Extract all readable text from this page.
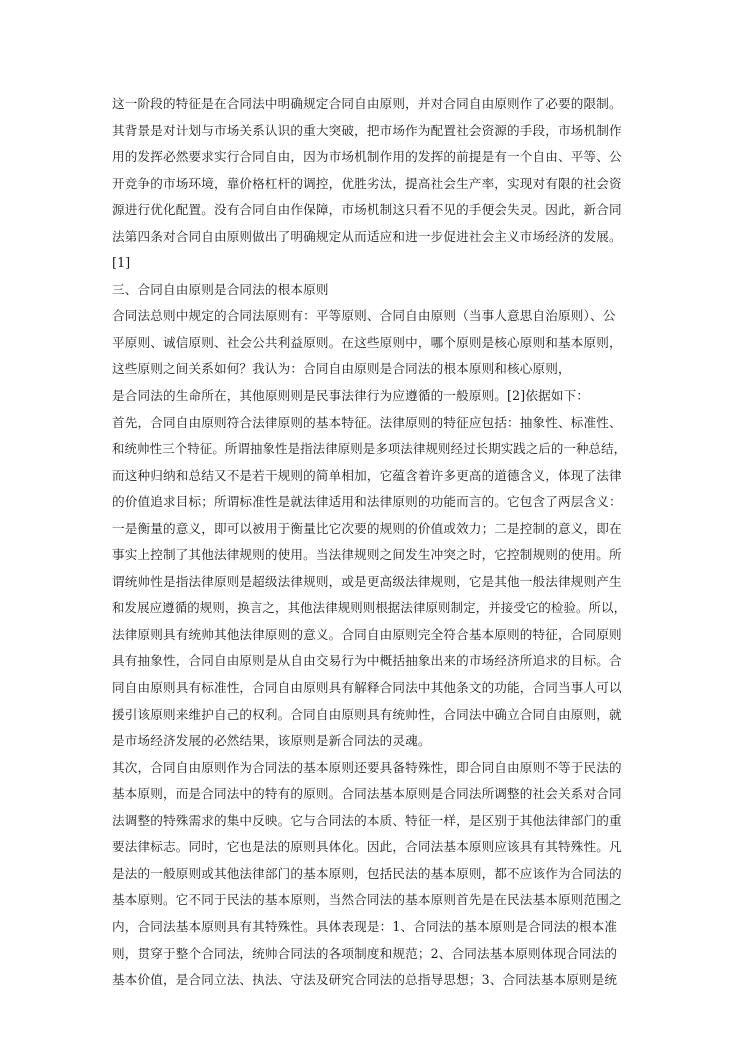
这一阶段的特征是在合同法中明确规定合同自由原则，并对合同自由原则作了必要的限制。
其背景是对计划与市场关系认识的重大突破，把市场作为配置社会资源的手段，市场机制作
用的发挥必然要求实行合同自由，因为市场机制作用的发挥的前提是有一个自由、平等、公
开竞争的市场环境，靠价格杠杆的调控，优胜劣汰，提高社会生产率，实现对有限的社会资
源进行优化配置。没有合同自由作保障，市场机制这只看不见的手便会失灵。因此，新合同
法第四条对合同自由原则做出了明确规定从而适应和进一步促进社会主义市场经济的发展。
[1]
三、合同自由原则是合同法的根本原则
合同法总则中规定的合同法原则有：平等原则、合同自由原则（当事人意思自治原则）、公
平原则、诚信原则、社会公共利益原则。在这些原则中，哪个原则是核心原则和基本原则，
这些原则之间关系如何？我认为：合同自由原则是合同法的根本原则和核心原则，
是合同法的生命所在，其他原则则是民事法律行为应遵循的一般原则。[2]依据如下：
首先，合同自由原则符合法律原则的基本特征。法律原则的特征应包括：抽象性、标准性、
和统帅性三个特征。所谓抽象性是指法律原则是多项法律规则经过长期实践之后的一种总结，
而这种归纳和总结又不是若干规则的简单相加，它蕴含着许多更高的道德含义，体现了法律
的价值追求目标；所谓标准性是就法律适用和法律原则的功能而言的。它包含了两层含义：
一是衡量的意义，即可以被用于衡量比它次要的规则的价值或效力；二是控制的意义，即在
事实上控制了其他法律规则的使用。当法律规则之间发生冲突之时，它控制规则的使用。所
谓统帅性是指法律原则是超级法律规则，或是更高级法律规则，它是其他一般法律规则产生
和发展应遵循的规则，换言之，其他法律规则则根据法律原则制定，并接受它的检验。所以，
法律原则具有统帅其他法律原则的意义。合同自由原则完全符合基本原则的特征，合同原则
具有抽象性，合同自由原则是从自由交易行为中概括抽象出来的市场经济所追求的目标。合
同自由原则具有标准性，合同自由原则具有解释合同法中其他条文的功能，合同当事人可以
援引该原则来维护自己的权利。合同自由原则具有统帅性，合同法中确立合同自由原则，就
是市场经济发展的必然结果，该原则是新合同法的灵魂。
其次，合同自由原则作为合同法的基本原则还要具备特殊性，即合同自由原则不等于民法的
基本原则，而是合同法中的特有的原则。合同法基本原则是合同法所调整的社会关系对合同
法调整的特殊需求的集中反映。它与合同法的本质、特征一样，是区别于其他法律部门的重
要法律标志。同时，它也是法的原则具体化。因此，合同法基本原则应该具有其特殊性。凡
是法的一般原则或其他法律部门的基本原则，包括民法的基本原则，都不应该作为合同法的
基本原则。它不同于民法的基本原则，当然合同法的基本原则首先是在民法基本原则范围之
内，合同法基本原则具有其特殊性。具体表现是：1、合同法的基本原则是合同法的根本准
则，贯穿于整个合同法，统帅合同法的各项制度和规范；2、合同法基本原则体现合同法的
基本价值，是合同立法、执法、守法及研究合同法的总指导思想；3、合同法基本原则是统
